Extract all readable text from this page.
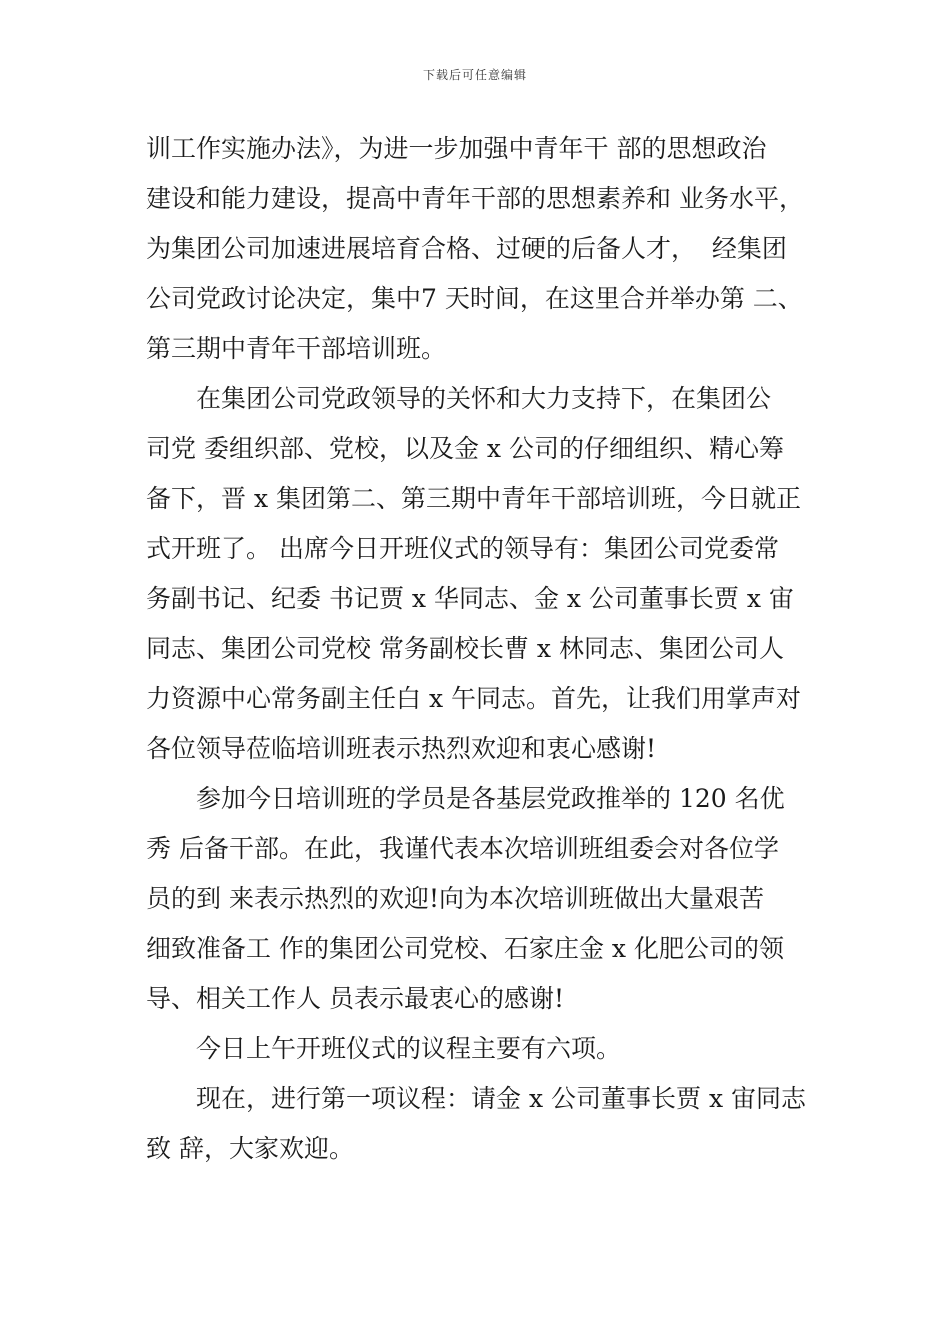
下载后可任意编辑
训工作实施办法》，为进一步加强中青年干 部的思想政治
建设和能力建设，提高中青年干部的思想素养和 业务水平，
为集团公司加速进展培育合格、过硬的后备人才，  经集团
公司党政讨论决定，集中7 天时间，在这里合并举办第 二、
第三期中青年干部培训班。
在集团公司党政领导的关怀和大力支持下，在集团公
司党 委组织部、党校，以及金 x 公司的仔细组织、精心筹
备下，晋 x 集团第二、第三期中青年干部培训班，今日就正
式开班了。 出席今日开班仪式的领导有：集团公司党委常
务副书记、纪委 书记贾 x 华同志、金 x 公司董事长贾 x 宙
同志、集团公司党校 常务副校长曹 x 林同志、集团公司人
力资源中心常务副主任白 x 午同志。首先，让我们用掌声对
各位领导莅临培训班表示热烈欢迎和衷心感谢!
参加今日培训班的学员是各基层党政推举的 120 名优
秀 后备干部。在此，我谨代表本次培训班组委会对各位学
员的到 来表示热烈的欢迎!向为本次培训班做出大量艰苦
细致准备工 作的集团公司党校、石家庄金 x 化肥公司的领
导、相关工作人 员表示最衷心的感谢!
今日上午开班仪式的议程主要有六项。
现在，进行第一项议程：请金 x 公司董事长贾 x 宙同志
致 辞，大家欢迎。
